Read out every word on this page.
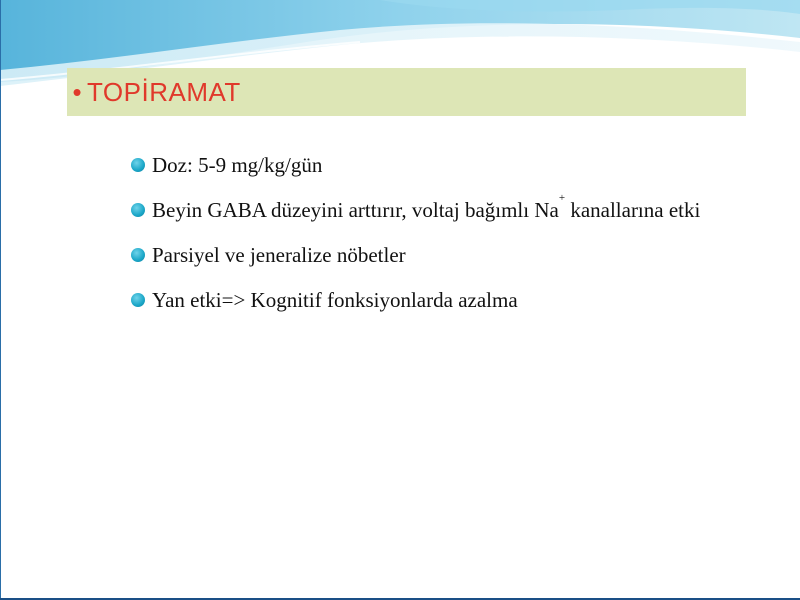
• TOPİRAMAT
Doz: 5-9 mg/kg/gün
Beyin GABA düzeyini arttırır, voltaj bağımlı Na+ kanallarına etki
Parsiyel ve jeneralize nöbetler
Yan etki=> Kognitif fonksiyonlarda azalma
